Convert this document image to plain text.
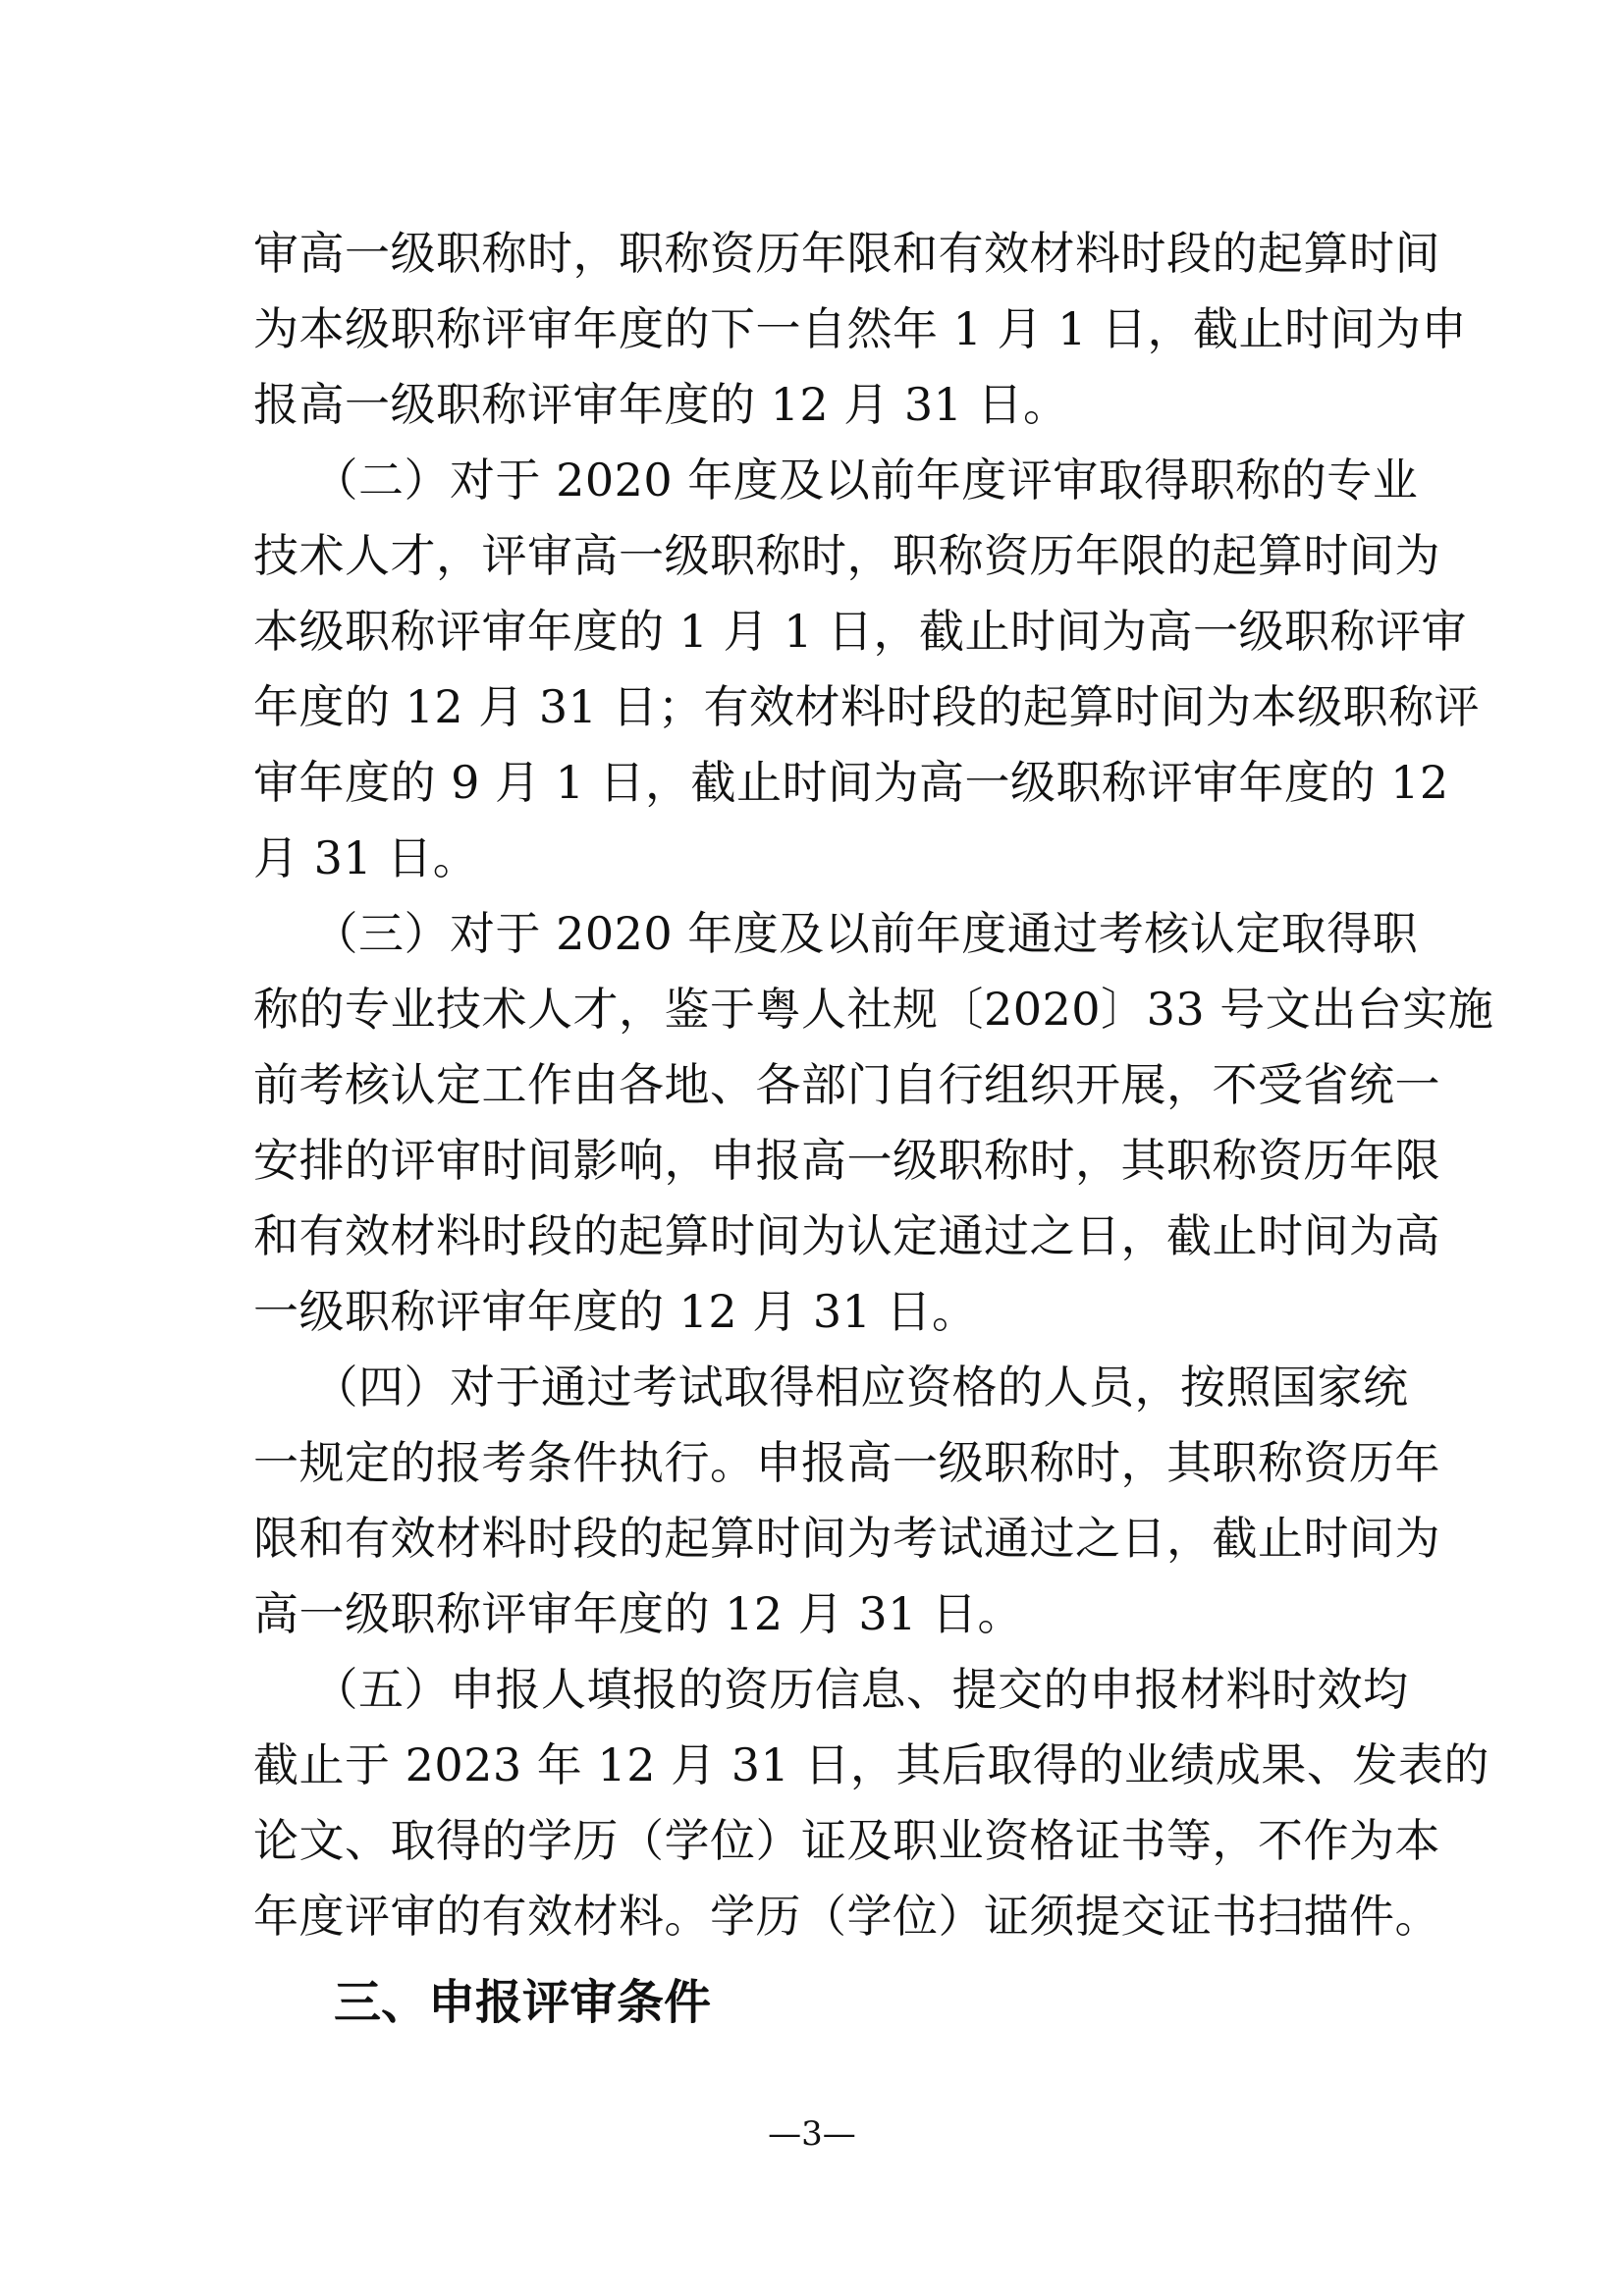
审高一级职称时，职称资历年限和有效材料时段的起算时间
为本级职称评审年度的下一自然年 1 月 1 日，截止时间为申
报高一级职称评审年度的 12 月 31 日。
（二）对于 2020 年度及以前年度评审取得职称的专业
技术人才，评审高一级职称时，职称资历年限的起算时间为
本级职称评审年度的 1 月 1 日，截止时间为高一级职称评审
年度的 12 月 31 日；有效材料时段的起算时间为本级职称评
审年度的 9 月 1 日，截止时间为高一级职称评审年度的 12
月 31 日。
（三）对于 2020 年度及以前年度通过考核认定取得职
称的专业技术人才，鉴于粤人社规〔2020〕33 号文出台实施
前考核认定工作由各地、各部门自行组织开展，不受省统一
安排的评审时间影响，申报高一级职称时，其职称资历年限
和有效材料时段的起算时间为认定通过之日，截止时间为高
一级职称评审年度的 12 月 31 日。
（四）对于通过考试取得相应资格的人员，按照国家统
一规定的报考条件执行。申报高一级职称时，其职称资历年
限和有效材料时段的起算时间为考试通过之日，截止时间为
高一级职称评审年度的 12 月 31 日。
（五）申报人填报的资历信息、提交的申报材料时效均
截止于 2023 年 12 月 31 日，其后取得的业绩成果、发表的
论文、取得的学历（学位）证及职业资格证书等，不作为本
年度评审的有效材料。学历（学位）证须提交证书扫描件。
三、申报评审条件
—3—
